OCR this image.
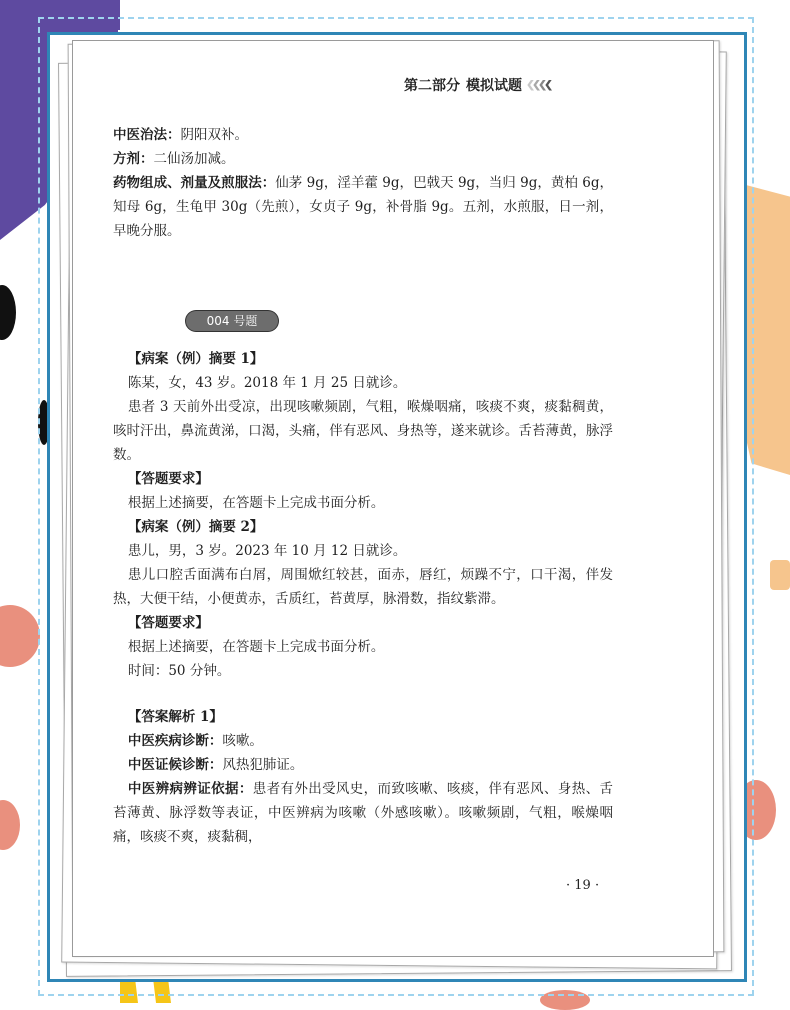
第二部分 模拟试题

中医治法：阴阳双补。

方剂：二仙汤加减。

药物组成、剂量及煎服法：仙茅 9g，淫羊藿 9g，巴戟天 9g，当归 9g，黄柏 6g，知母 6g，生龟甲 30g（先煎），女贞子 9g，补骨脂 9g。五剂，水煎服，日一剂，早晚分服。

【病案（例）摘要 1】

陈某，女，43 岁。2018 年 1 月 25 日就诊。

患者 3 天前外出受凉，出现咳嗽频剧，气粗，喉燥咽痛，咳痰不爽，痰黏稠黄，咳时汗出，鼻流黄涕，口渴，头痛，伴有恶风、身热等，遂来就诊。舌苔薄黄，脉浮数。

【答题要求】

根据上述摘要，在答题卡上完成书面分析。

【病案（例）摘要 2】

患儿，男，3 岁。2023 年 10 月 12 日就诊。

患儿口腔舌面满布白屑，周围焮红较甚，面赤，唇红，烦躁不宁，口干渴，伴发热，大便干结，小便黄赤，舌质红，苔黄厚，脉滑数，指纹紫滞。

【答题要求】

根据上述摘要，在答题卡上完成书面分析。

时间：50 分钟。

【答案解析 1】

中医疾病诊断：咳嗽。

中医证候诊断：风热犯肺证。

中医辨病辨证依据：患者有外出受风史，而致咳嗽、咳痰，伴有恶风、身热、舌苔薄黄、脉浮数等表证，中医辨病为咳嗽（外感咳嗽）。咳嗽频剧，气粗，喉燥咽痛，咳痰不爽，痰黏稠，

004 号题
· 19 ·
